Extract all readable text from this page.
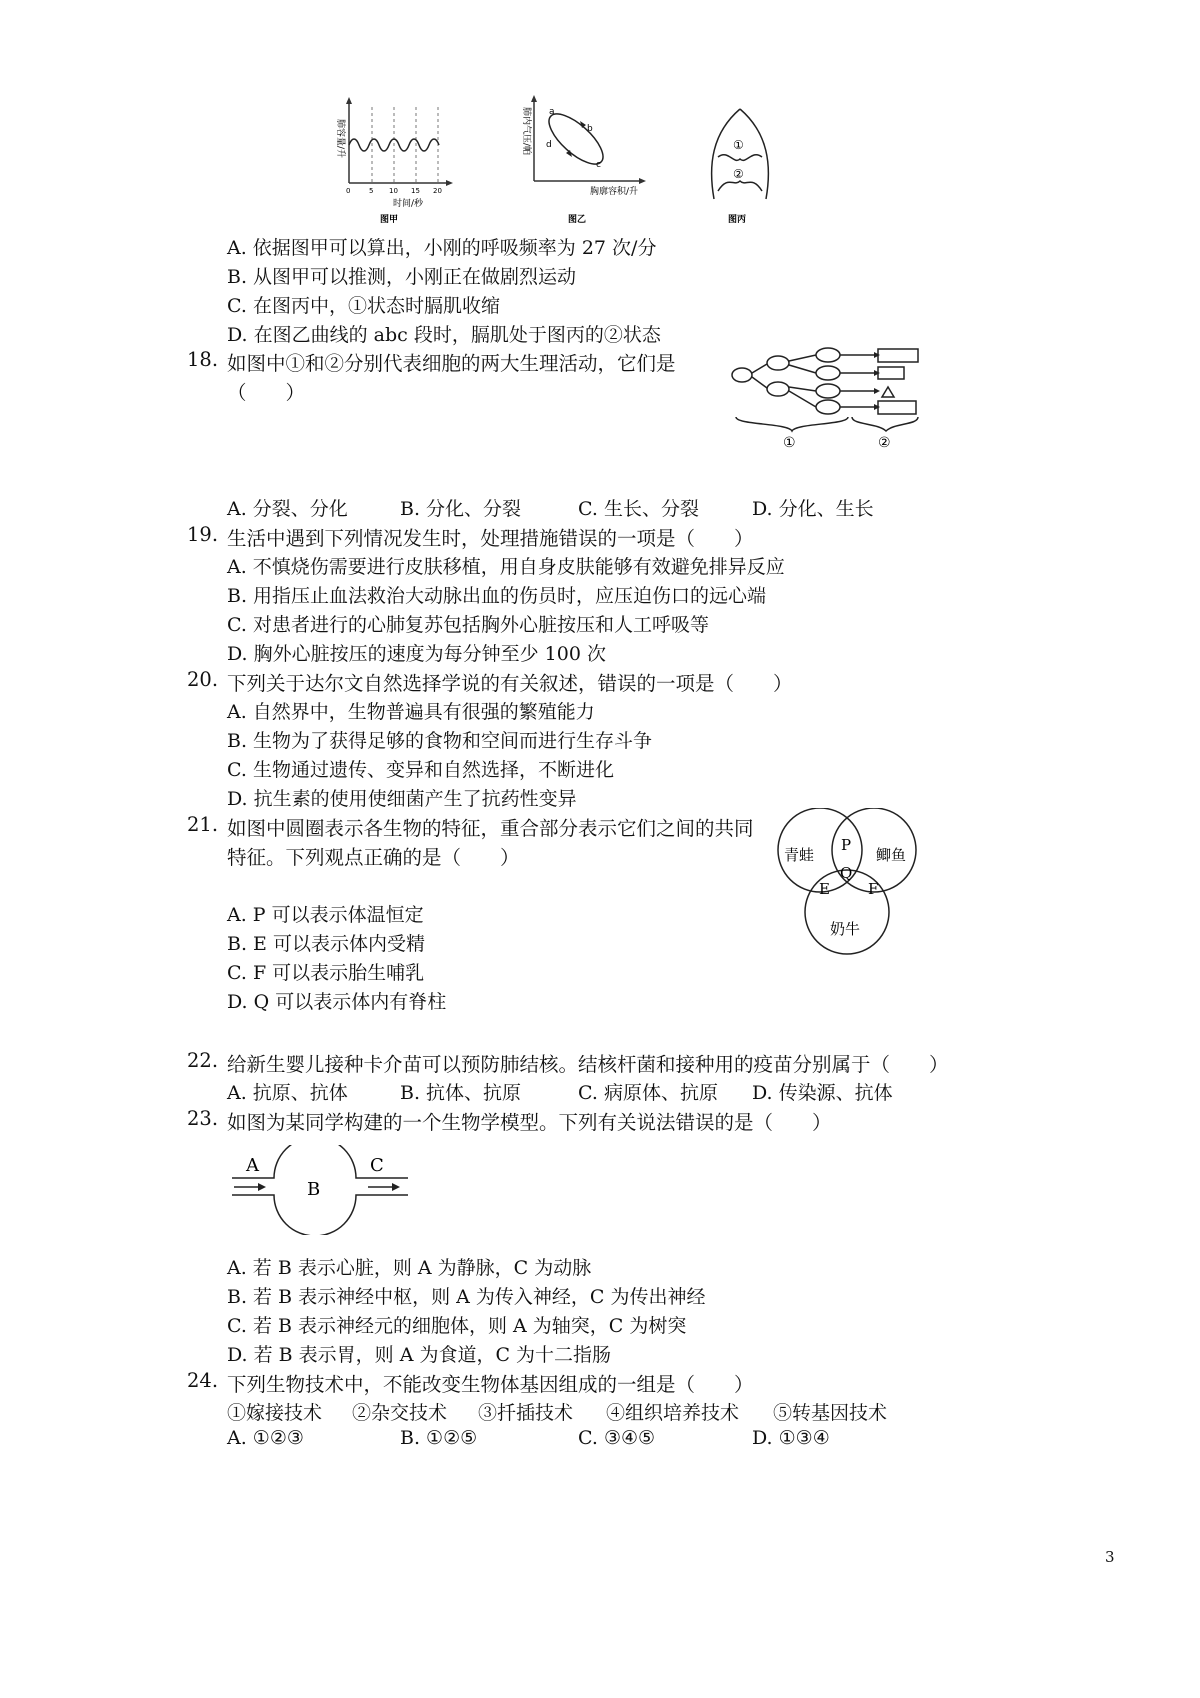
肺容量/升
0	5 10 15 20
时间/秒
图甲
a
b
c
d
肺内气压/帕
胸廓容积/升
图乙
①
②
图丙
A. 依据图甲可以算出，小刚的呼吸频率为 27 次/分
B. 从图甲可以推测，小刚正在做剧烈运动
C. 在图丙中，①状态时膈肌收缩
D. 在图乙曲线的 abc 段时，膈肌处于图丙的②状态
18. 如图中①和②分别代表细胞的两大生理活动，它们是
（　　）
①	②
A. 分裂、分化	B. 分化、分裂	C. 生长、分裂	D. 分化、生长
19. 生活中遇到下列情况发生时，处理措施错误的一项是（　　）
A. 不慎烧伤需要进行皮肤移植，用自身皮肤能够有效避免排异反应
B. 用指压止血法救治大动脉出血的伤员时，应压迫伤口的远心端
C. 对患者进行的心肺复苏包括胸外心脏按压和人工呼吸等
D. 胸外心脏按压的速度为每分钟至少 100 次
20. 下列关于达尔文自然选择学说的有关叙述，错误的一项是（　　）
A. 自然界中，生物普遍具有很强的繁殖能力
B. 生物为了获得足够的食物和空间而进行生存斗争
C. 生物通过遗传、变异和自然选择，不断进化
D. 抗生素的使用使细菌产生了抗药性变异
21. 如图中圆圈表示各生物的特征，重合部分表示它们之间的共同
特征。下列观点正确的是（　　）	青蛙	鲫鱼
奶牛
P
Q
E	F
A. P 可以表示体温恒定
B. E 可以表示体内受精
C. F 可以表示胎生哺乳
D. Q 可以表示体内有脊柱
22. 给新生婴儿接种卡介苗可以预防肺结核。结核杆菌和接种用的疫苗分别属于（　　）
A. 抗原、抗体	B. 抗体、抗原	C. 病原体、抗原 D. 传染源、抗体
23. 如图为某同学构建的一个生物学模型。下列有关说法错误的是（　　）
A
B
C
A. 若 B 表示心脏，则 A 为静脉，C 为动脉
B. 若 B 表示神经中枢，则 A 为传入神经，C 为传出神经
C. 若 B 表示神经元的细胞体，则 A 为轴突，C 为树突
D. 若 B 表示胃，则 A 为食道，C 为十二指肠
24. 下列生物技术中，不能改变生物体基因组成的一组是（　　）
①嫁接技术 ②杂交技术 ③扦插技术 ④组织培养技术 ⑤转基因技术
A. ①②③	B. ①②⑤	C. ③④⑤	D. ①③④
3
